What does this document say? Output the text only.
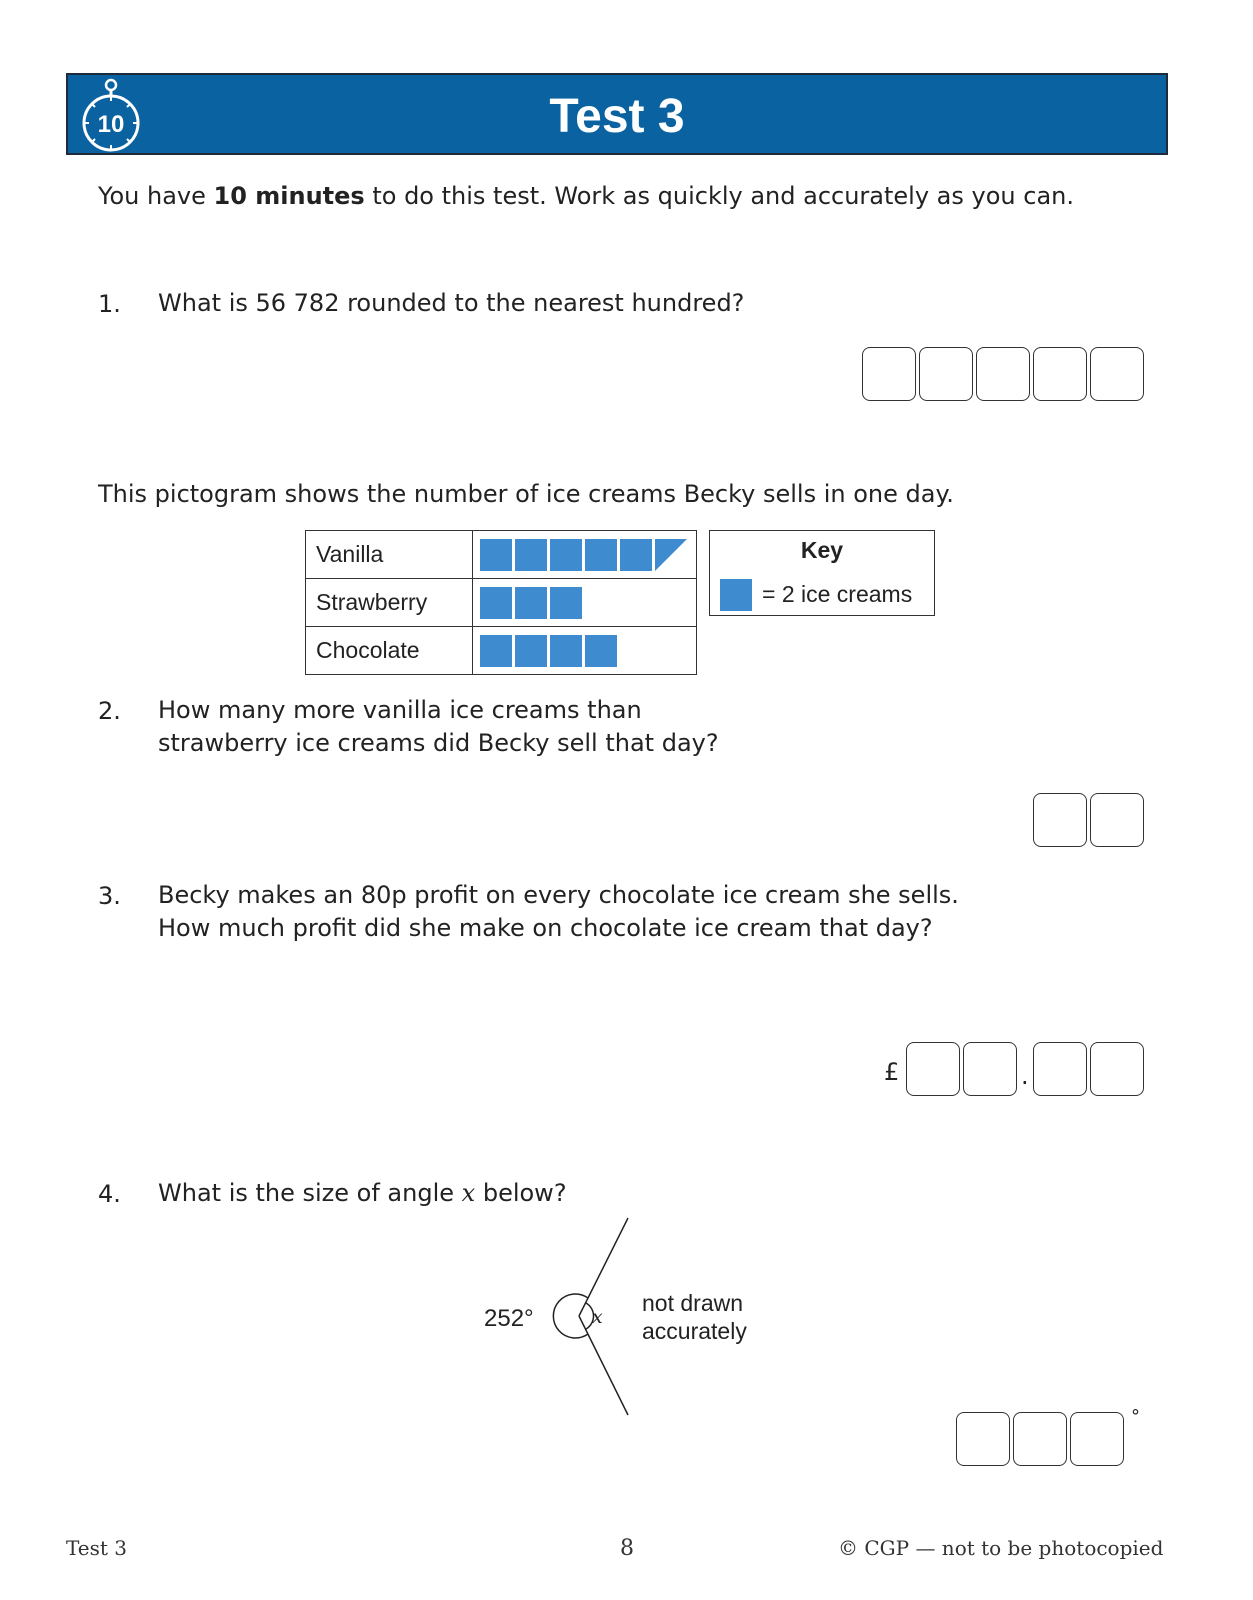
10	Test 3
You have 10 minutes to do this test. Work as quickly and accurately as you can.
1. What is 56 782 rounded to the nearest hundred?
This pictogram shows the number of ice creams Becky sells in one day.
Vanilla	
Strawberry	
Chocolate	
Key
= 2 ice creams
2. How many more vanilla ice creams than
strawberry ice creams did Becky sell that day?
3. Becky makes an 80p profit on every chocolate ice cream she sells.
How much profit did she make on chocolate ice cream that day?
£	.
4. What is the size of angle x below?
252°	x
not drawn
accurately
°
Test 3	8	© CGP — not to be photocopied
